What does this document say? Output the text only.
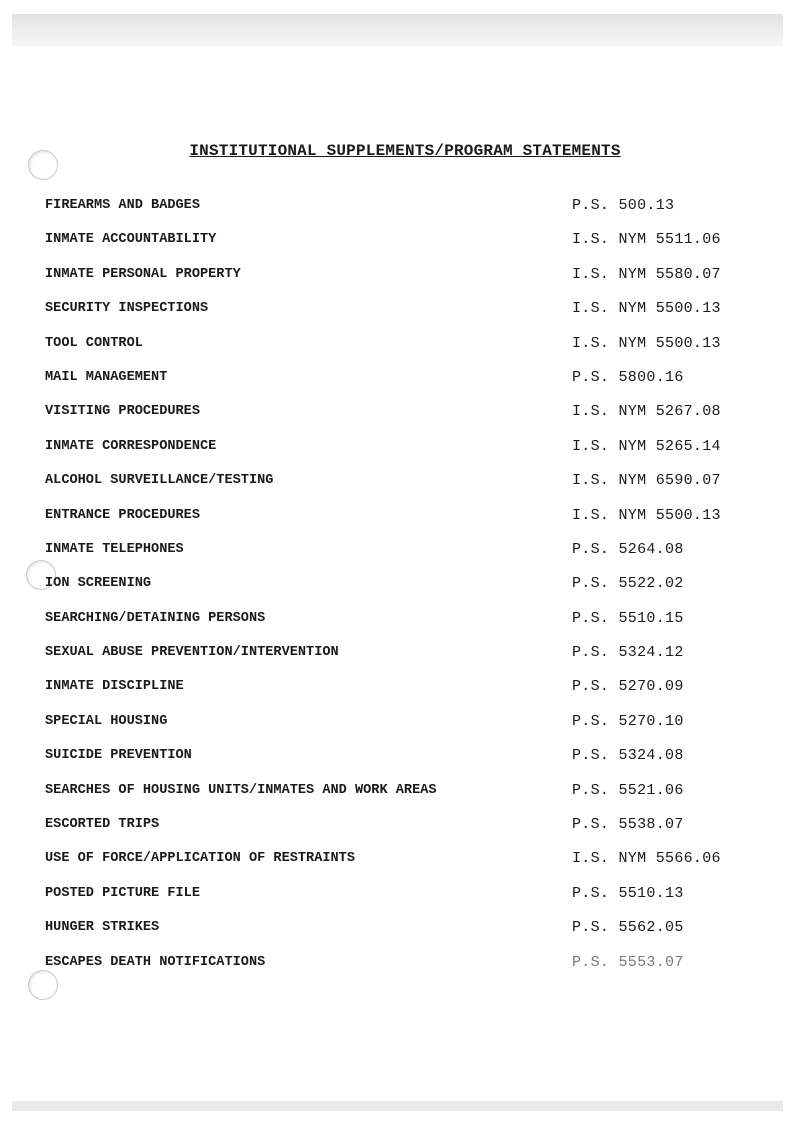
INSTITUTIONAL SUPPLEMENTS/PROGRAM STATEMENTS
FIREARMS AND BADGES	P.S. 500.13
INMATE ACCOUNTABILITY	I.S. NYM 5511.06
INMATE PERSONAL PROPERTY	I.S. NYM 5580.07
SECURITY INSPECTIONS	I.S. NYM 5500.13
TOOL CONTROL	I.S. NYM 5500.13
MAIL MANAGEMENT	P.S. 5800.16
VISITING PROCEDURES	I.S. NYM 5267.08
INMATE CORRESPONDENCE	I.S. NYM 5265.14
ALCOHOL SURVEILLANCE/TESTING	I.S. NYM 6590.07
ENTRANCE PROCEDURES	I.S. NYM 5500.13
INMATE TELEPHONES	P.S. 5264.08
ION SCREENING	P.S. 5522.02
SEARCHING/DETAINING PERSONS	P.S. 5510.15
SEXUAL ABUSE PREVENTION/INTERVENTION	P.S. 5324.12
INMATE DISCIPLINE	P.S. 5270.09
SPECIAL HOUSING	P.S. 5270.10
SUICIDE PREVENTION	P.S. 5324.08
SEARCHES OF HOUSING UNITS/INMATES AND WORK AREAS	P.S. 5521.06
ESCORTED TRIPS	P.S. 5538.07
USE OF FORCE/APPLICATION OF RESTRAINTS	I.S. NYM 5566.06
POSTED PICTURE FILE	P.S. 5510.13
HUNGER STRIKES	P.S. 5562.05
ESCAPES DEATH NOTIFICATIONS	P.S. 5553.07
